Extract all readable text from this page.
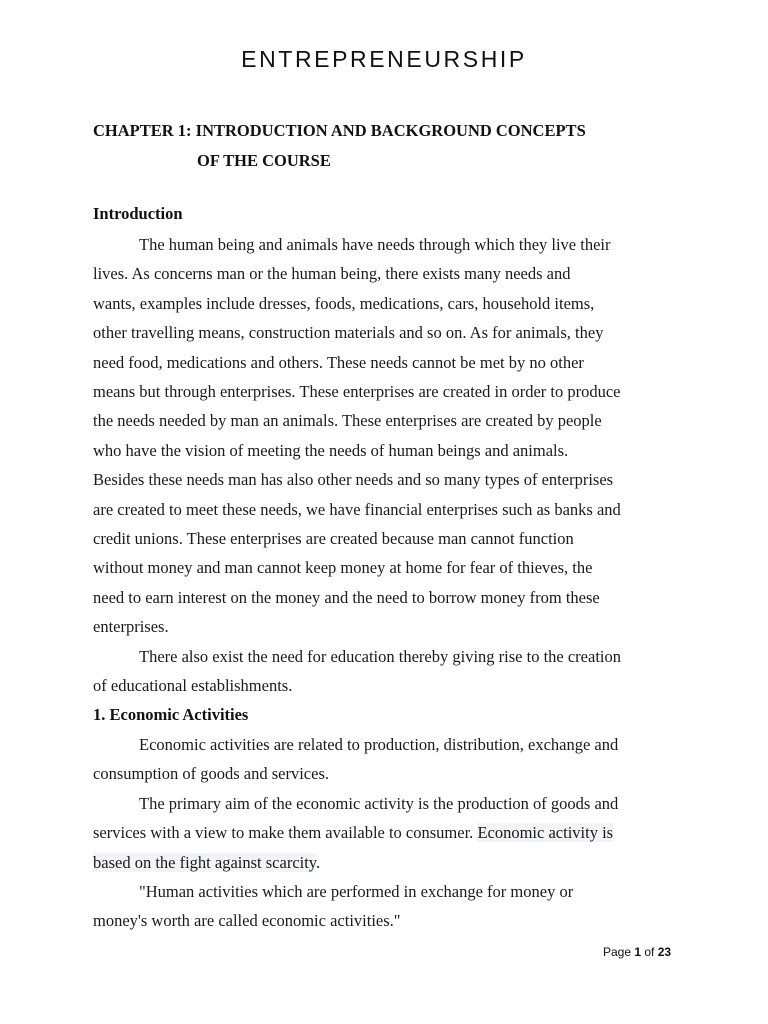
ENTREPRENEURSHIP
CHAPTER 1: INTRODUCTION AND BACKGROUND CONCEPTS
OF THE COURSE
Introduction
The human being and animals have needs through which they live their
lives. As concerns man or the human being, there exists many needs and
wants, examples include dresses, foods, medications, cars, household items,
other travelling means, construction materials and so on. As for animals, they
need food, medications and others. These needs cannot be met by no other
means but through enterprises. These enterprises are created in order to produce
the needs needed by man an animals. These enterprises are created by people
who have the vision of meeting the needs of human beings and animals.
Besides these needs man has also other needs and so many types of enterprises
are created to meet these needs, we have financial enterprises such as banks and
credit unions. These enterprises are created because man cannot function
without money and man cannot keep money at home for fear of thieves, the
need to earn interest on the money and the need to borrow money from these
enterprises.
There also exist the need for education thereby giving rise to the creation
of educational establishments.
1. Economic Activities
Economic activities are related to production, distribution, exchange and
consumption of goods and services.
The primary aim of the economic activity is the production of goods and
services with a view to make them available to consumer. Economic activity is
based on the fight against scarcity.
"Human activities which are performed in exchange for money or
money's worth are called economic activities."
Page 1 of 23
